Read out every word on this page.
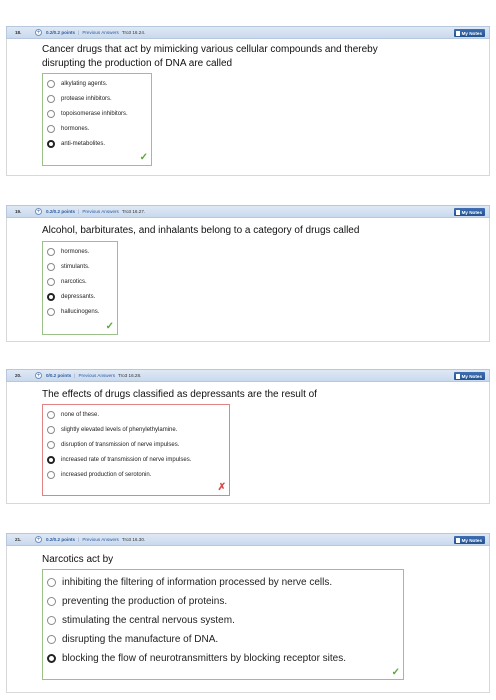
18.	+	0.2/0.2 points | Previous Answers Tro3 16.24.	My Notes
Cancer drugs that act by mimicking various cellular compounds and thereby
disrupting the production of DNA are called
alkylating agents.
protease inhibitors.
topoisomerase inhibitors.
hormones.
anti-metabolites.
✓
19.	+	0.2/0.2 points | Previous Answers Tro3 16.27.	My Notes
Alcohol, barbiturates, and inhalants belong to a category of drugs called
hormones.
stimulants.
narcotics.
depressants.
hallucinogens.
✓
20.	+	0/0.2 points | Previous Answers Tro3 16.28.	My Notes
The effects of drugs classified as depressants are the result of
none of these.
slightly elevated levels of phenylethylamine.
disruption of transmission of nerve impulses.
increased rate of transmission of nerve impulses.
increased production of serotonin.
✗
21.	+	0.2/0.2 points | Previous Answers Tro3 16.30.	My Notes
Narcotics act by
inhibiting the filtering of information processed by nerve cells.
preventing the production of proteins.
stimulating the central nervous system.
disrupting the manufacture of DNA.
blocking the flow of neurotransmitters by blocking receptor sites.
✓
